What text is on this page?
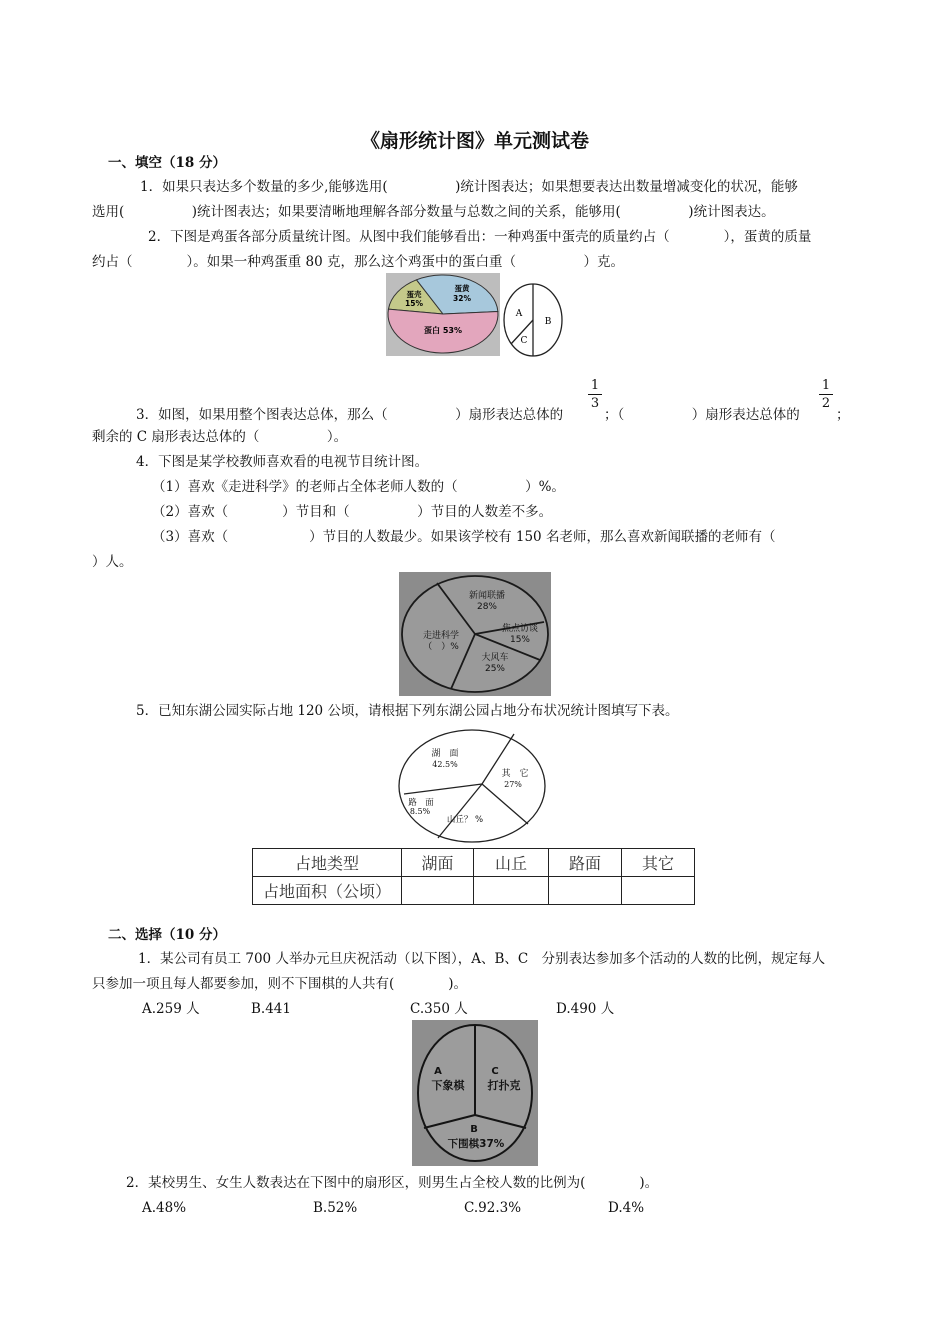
《扇形统计图》单元测试卷
一、填空（18 分）
1．如果只表达多个数量的多少,能够选用(　　　　　)统计图表达；如果想要表达出数量增减变化的状况，能够
选用(　　　　　)统计图表达；如果要清晰地理解各部分数量与总数之间的关系，能够用(　　　　　)统计图表达。
2．下图是鸡蛋各部分质量统计图。从图中我们能够看出：一种鸡蛋中蛋壳的质量约占（　　　　），蛋黄的质量
约占（　　　　）。如果一种鸡蛋重 80 克，那么这个鸡蛋中的蛋白重（　　　　　）克。
蛋壳
15%
蛋黄
32%
蛋白 53%
A
B
C
3．如图，如果用整个图表达总体，那么（　　　　　）扇形表达总体的
1
3
；（　　　　　）扇形表达总体的
1
2
；
剩余的 C 扇形表达总体的（　　　　　）。
4．下图是某学校教师喜欢看的电视节目统计图。
（1）喜欢《走进科学》的老师占全体老师人数的（　　　　　）%。
（2）喜欢（　　　　）节目和（　　　　　）节目的人数差不多。
（3）喜欢（　　　　　　）节目的人数最少。如果该学校有 150 名老师，那么喜欢新闻联播的老师有（
）人。
新闻联播
28%
焦点访谈
15%
大风车
25%
走进科学
（　）%
5．已知东湖公园实际占地 120 公顷，请根据下列东湖公园占地分布状况统计图填写下表。
湖　面
42.5%
其　它
27%
山丘？ %
路　面
8.5%
占地类型	湖面	山丘	路面	其它
占地面积（公顷）				
二、选择（10 分）
1．某公司有员工 700 人举办元旦庆祝活动（以下图），A、B、C　分别表达参加多个活动的人数的比例，规定每人
只参加一项且每人都要参加，则不下围棋的人共有(　　　　)。
A.259 人	B.441	C.350 人	D.490 人
A
下象棋
C
打扑克
B
下围棋37%
2．某校男生、女生人数表达在下图中的扇形区，则男生占全校人数的比例为(　　　　)。
A.48%	B.52%	C.92.3%	D.4%
